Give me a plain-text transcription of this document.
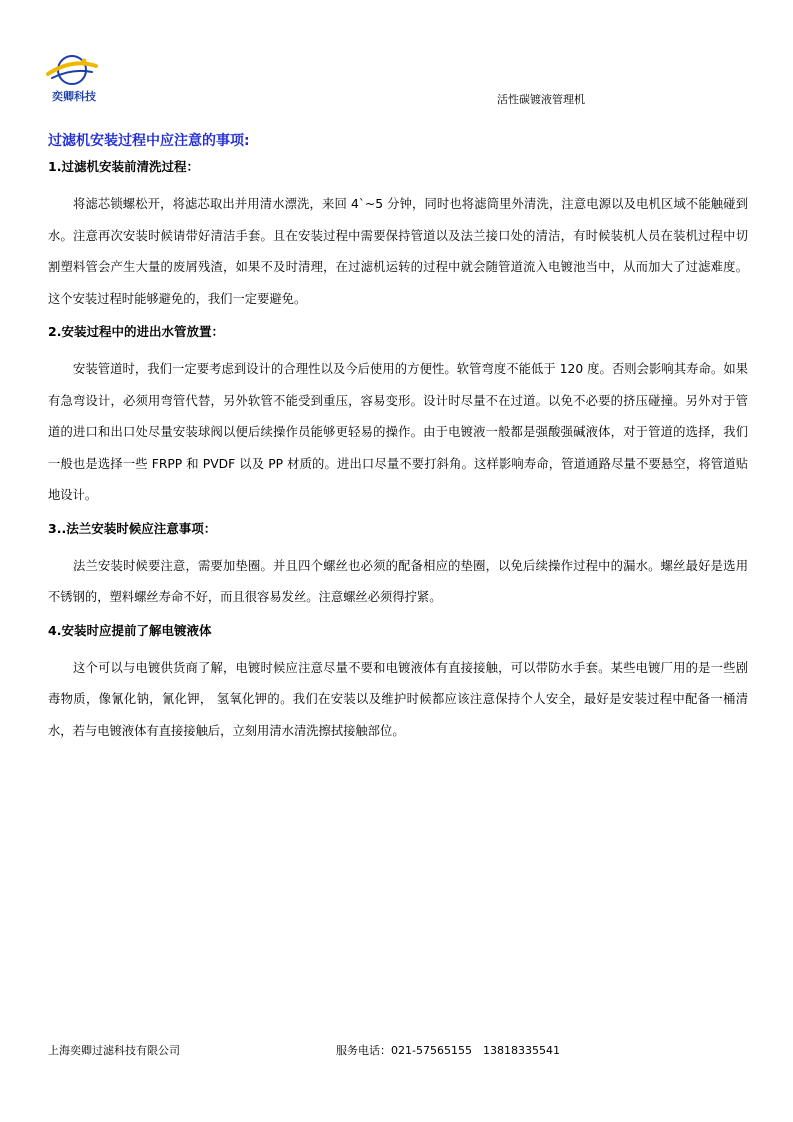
奕卿科技	活性碳镀液管理机
过滤机安装过程中应注意的事项:
1.过滤机安装前清洗过程：
将滤芯锁螺松开，将滤芯取出并用清水漂洗，来回 4`~5 分钟，同时也将滤筒里外清洗，注意电源以及电机区域不能触碰到水。注意再次安装时候请带好清洁手套。且在安装过程中需要保持管道以及法兰接口处的清洁，有时候装机人员在装机过程中切割塑料管会产生大量的废屑残渣，如果不及时清理，在过滤机运转的过程中就会随管道流入电镀池当中，从而加大了过滤难度。这个安装过程时能够避免的，我们一定要避免。
2.安装过程中的进出水管放置：
安装管道时，我们一定要考虑到设计的合理性以及今后使用的方便性。软管弯度不能低于 120 度。否则会影响其寿命。如果有急弯设计，必须用弯管代替，另外软管不能受到重压，容易变形。设计时尽量不在过道。以免不必要的挤压碰撞。另外对于管道的进口和出口处尽量安装球阀以便后续操作员能够更轻易的操作。由于电镀液一般都是强酸强碱液体，对于管道的选择，我们一般也是选择一些 FRPP 和 PVDF 以及 PP 材质的。进出口尽量不要打斜角。这样影响寿命，管道通路尽量不要悬空，将管道贴地设计。
3..法兰安装时候应注意事项：
法兰安装时候要注意，需要加垫圈。并且四个螺丝也必须的配备相应的垫圈，以免后续操作过程中的漏水。螺丝最好是选用不锈钢的，塑料螺丝寿命不好，而且很容易发丝。注意螺丝必须得拧紧。
4.安装时应提前了解电镀液体
这个可以与电镀供货商了解，电镀时候应注意尽量不要和电镀液体有直接接触，可以带防水手套。某些电镀厂用的是一些剧毒物质，像氰化钠，氰化钾， 氢氧化钾的。我们在安装以及维护时候都应该注意保持个人安全，最好是安装过程中配备一桶清水，若与电镀液体有直接接触后，立刻用清水清洗擦拭接触部位。
上海奕卿过滤科技有限公司	服务电话：021-57565155　13818335541
